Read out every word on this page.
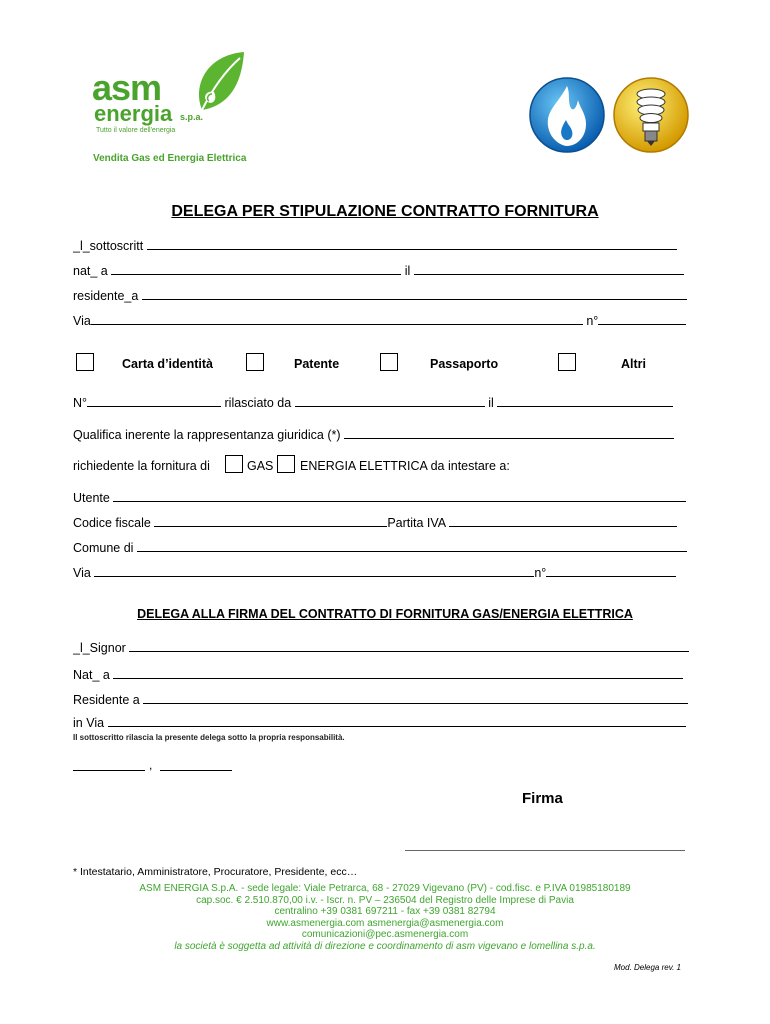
asm
energia s.p.a.
Tutto il valore dell'energia
Vendita Gas ed Energia Elettrica
DELEGA PER STIPULAZIONE CONTRATTO FORNITURA
_l_sottoscritt
nat_ a	il
residente_a
Via	n°
Carta d’identità	Patente	Passaporto	Altri
N°	rilasciato da	il
Qualifica inerente la rappresentanza giuridica (*)
richiedente la fornitura di	GAS ENERGIA ELETTRICA da intestare a:
Utente
Codice fiscale	Partita IVA
Comune di
Via	n°
DELEGA ALLA FIRMA DEL CONTRATTO DI FORNITURA GAS/ENERGIA ELETTRICA
_l_Signor
Nat_ a
Residente a
in Via
Il sottoscritto rilascia la presente delega sotto la propria responsabilità.
,
Firma
* Intestatario, Amministratore, Procuratore, Presidente, ecc…
ASM ENERGIA S.p.A. - sede legale: Viale Petrarca, 68 - 27029 Vigevano (PV) - cod.fisc. e P.IVA 01985180189
cap.soc. € 2.510.870,00 i.v. - Iscr. n. PV – 236504 del Registro delle Imprese di Pavia
centralino +39 0381 697211 - fax +39 0381 82794
www.asmenergia.com asmenergia@asmenergia.com
comunicazioni@pec.asmenergia.com
la società è soggetta ad attività di direzione e coordinamento di asm vigevano e lomellina s.p.a.
Mod. Delega rev. 1
